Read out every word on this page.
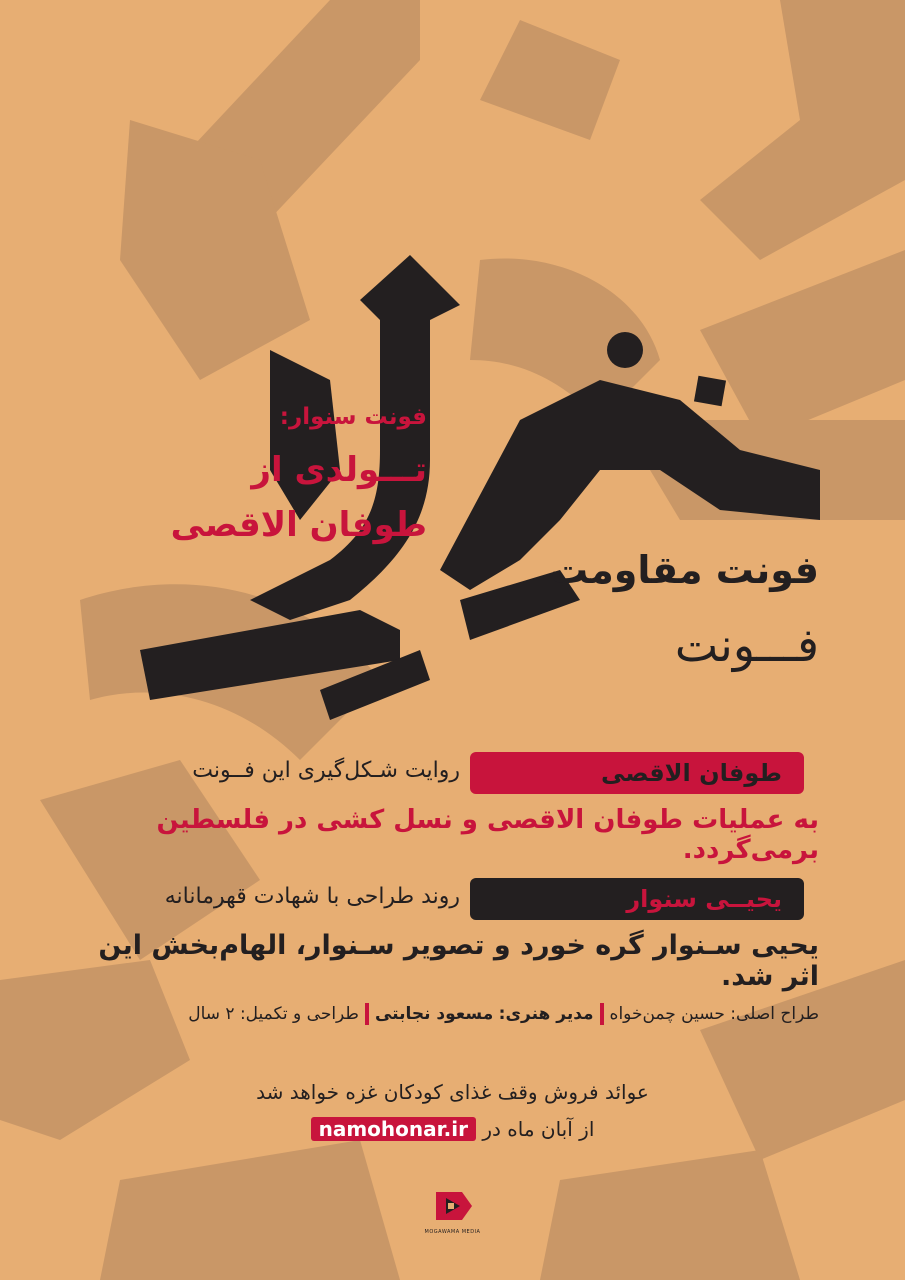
فونت سنوار:
تـــولدی از
طوفان الاقصی
فونت مقاومت
فـــونت
طوفان الاقصی
روایت شـکل‌گیری این فــونت
به عملیات طوفان الاقصی و نسل کشی در فلسطین برمی‌گردد.
یحیــی سنوار
روند طراحی با شهادت قهرمانانه
یحیی سـنوار گره خورد و تصویر سـنوار، الهام‌بخش این اثر شد.
طراح اصلی: حسین چمن‌خواهمدیر هنری: مسعود نجابتیطراحی و تکمیل: ۲ سال
عوائد فروش وقف غذای کودکان غزه خواهد شد
از آبان ماه در namohonar.ir
MOGAWAMA MEDIA
